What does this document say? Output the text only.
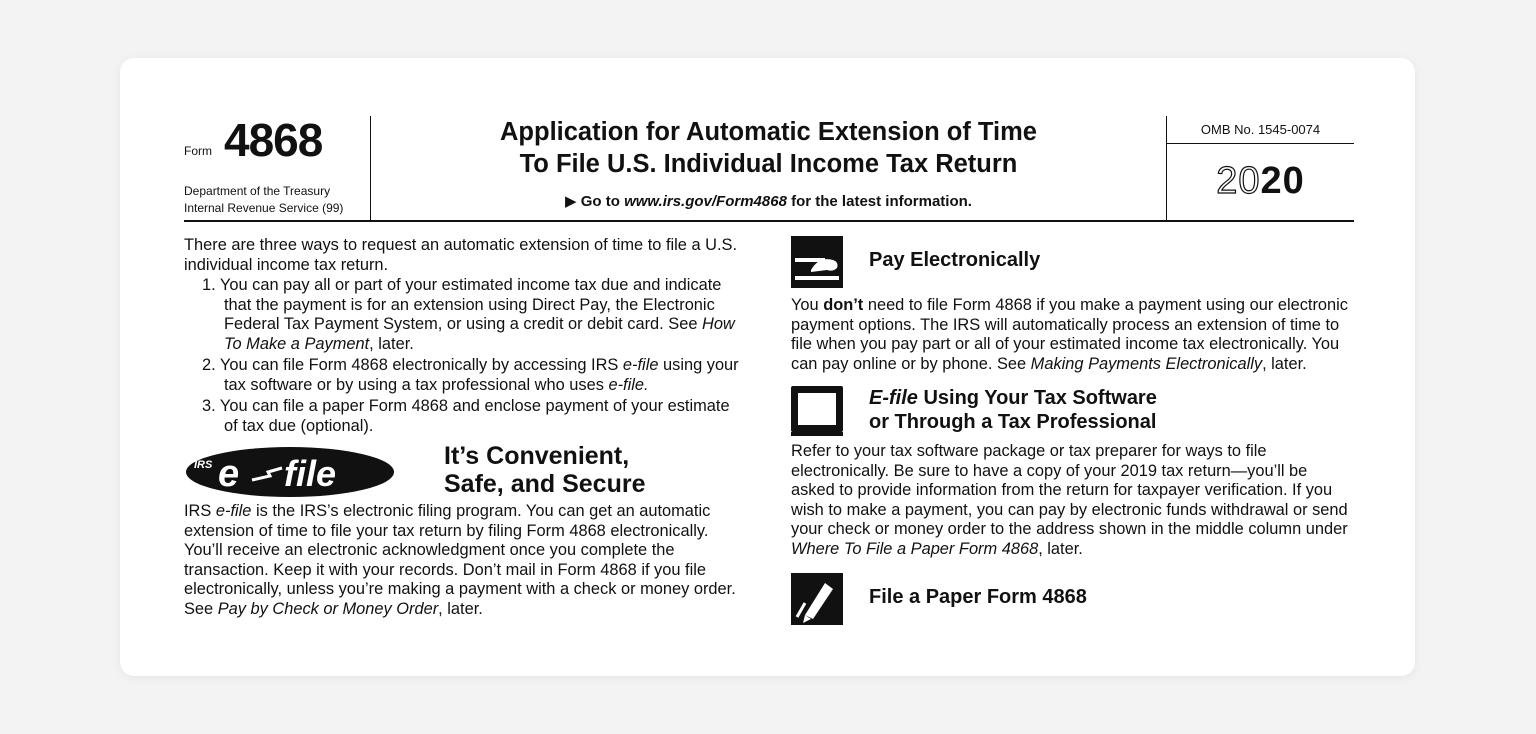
Form 4868
Department of the Treasury
Internal Revenue Service (99)
Application for Automatic Extension of Time
To File U.S. Individual Income Tax Return
▶ Go to www.irs.gov/Form4868 for the latest information.
OMB No. 1545-0074
2020

There are three ways to request an automatic extension of time to file a U.S. individual income tax return.

1. You can pay all or part of your estimated income tax due and indicate that the payment is for an extension using Direct Pay, the Electronic Federal Tax Payment System, or using a credit or debit card. See How To Make a Payment, later.
2. You can file Form 4868 electronically by accessing IRS e-file using your tax software or by using a tax professional who uses e-file.
3. You can file a paper Form 4868 and enclose payment of your estimate of tax due (optional).
IRS e file	It’s Convenient,
Safe, and Secure

IRS e-file is the IRS’s electronic filing program. You can get an automatic extension of time to file your tax return by filing Form 4868 electronically. You’ll receive an electronic acknowledgment once you complete the transaction. Keep it with your records. Don’t mail in Form 4868 if you file electronically, unless you’re making a payment with a check or money order. See Pay by Check or Money Order, later.

Pay Electronically

You don’t need to file Form 4868 if you make a payment using our electronic payment options. The IRS will automatically process an extension of time to file when you pay part or all of your estimated income tax electronically. You can pay online or by phone. See Making Payments Electronically, later.

E-file Using Your Tax Software
or Through a Tax Professional

Refer to your tax software package or tax preparer for ways to file electronically. Be sure to have a copy of your 2019 tax return—you’ll be asked to provide information from the return for taxpayer verification. If you wish to make a payment, you can pay by electronic funds withdrawal or send your check or money order to the address shown in the middle column under Where To File a Paper Form 4868, later.

File a Paper Form 4868
